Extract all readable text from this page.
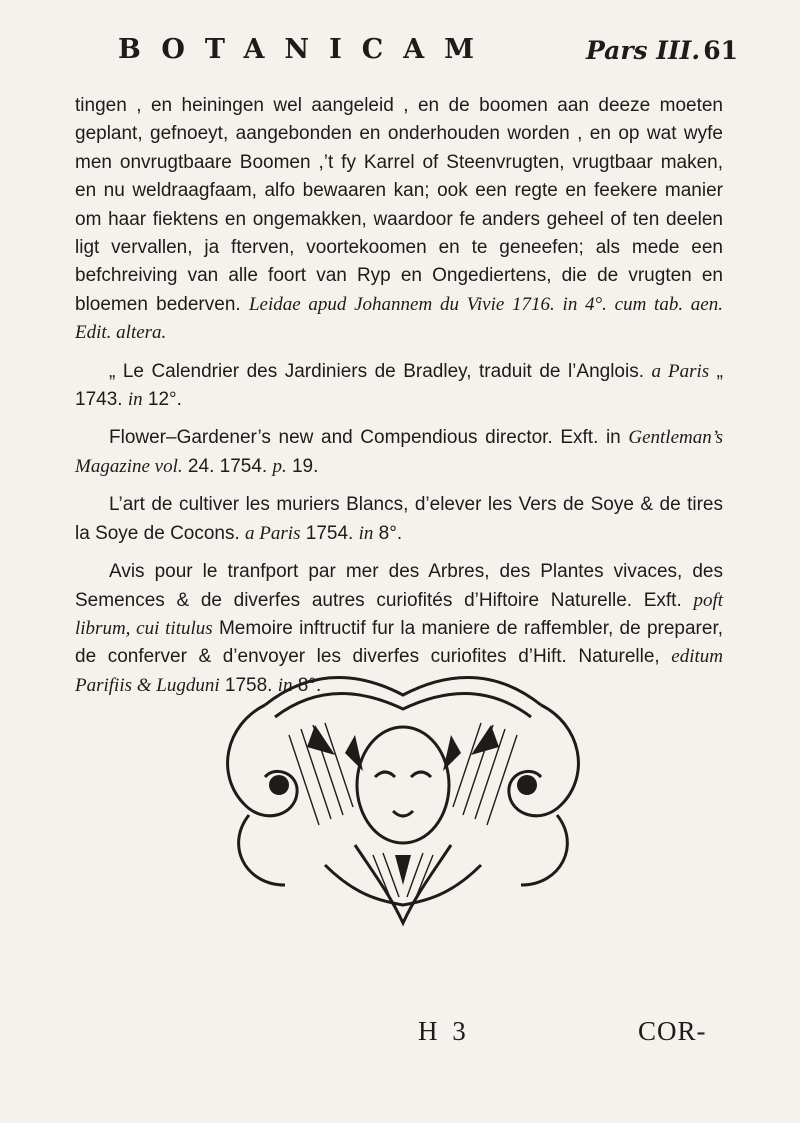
BOTANICAM	Pars III. 61

tingen , en heiningen wel aangeleid , en de boomen aan deeze moeten geplant, gefnoeyt, aangebonden en onderhouden worden , en op wat wyfe men onvrugtbaare Boomen ,’t fy Karrel of Steenvrugten, vrugtbaar maken, en nu weldraagfaam, alfo bewaaren kan; ook een regte en feekere manier om haar fiektens en ongemakken, waardoor fe anders geheel of ten deelen ligt vervallen, ja fterven, voortekoomen en te geneefen; als mede een befchreiving van alle foort van Ryp en Ongediertens, die de vrugten en bloemen bederven. Leidae apud Johannem du Vivie 1716. in 4°. cum tab. aen. Edit. altera.

„ Le Calendrier des Jardiniers de Bradley, traduit de l’Anglois. a Paris „ 1743. in 12°.

Flower–Gardener’s new and Compendious director. Exft. in Gentleman’s Magazine vol. 24. 1754. p. 19.

L’art de cultiver les muriers Blancs, d’elever les Vers de Soye & de tires la Soye de Cocons. a Paris 1754. in 8°.

Avis pour le tranfport par mer des Arbres, des Plantes vivaces, des Semences & de diverfes autres curiofités d’Hiftoire Naturelle. Exft. poft librum, cui titulus Memoire inftructif fur la maniere de raffembler, de preparer, de conferver & d’envoyer les diverfes curiofites d’Hift. Naturelle, editum Parifiis & Lugduni 1758. in 8°.

H 3	COR-
